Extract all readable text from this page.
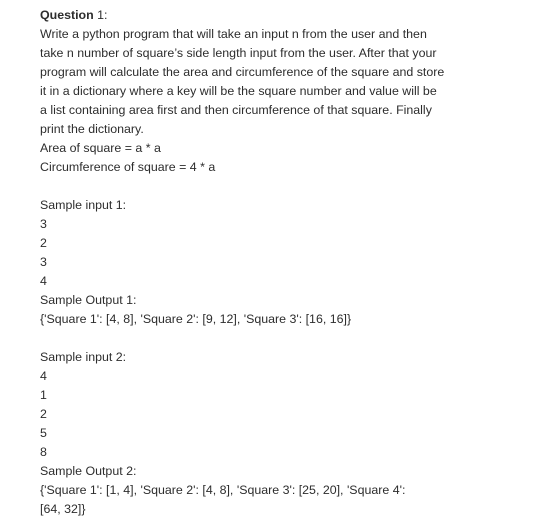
Question 1:
Write a python program that will take an input n from the user and then
take n number of square’s side length input from the user. After that your
program will calculate the area and circumference of the square and store
it in a dictionary where a key will be the square number and value will be
a list containing area first and then circumference of that square. Finally
print the dictionary.
Area of square = a * a
Circumference of square = 4 * a
Sample input 1:
3
2
3
4
Sample Output 1:
{'Square 1': [4, 8], 'Square 2': [9, 12], 'Square 3': [16, 16]}
Sample input 2:
4
1
2
5
8
Sample Output 2:
{'Square 1': [1, 4], 'Square 2': [4, 8], 'Square 3': [25, 20], 'Square 4':
[64, 32]}
